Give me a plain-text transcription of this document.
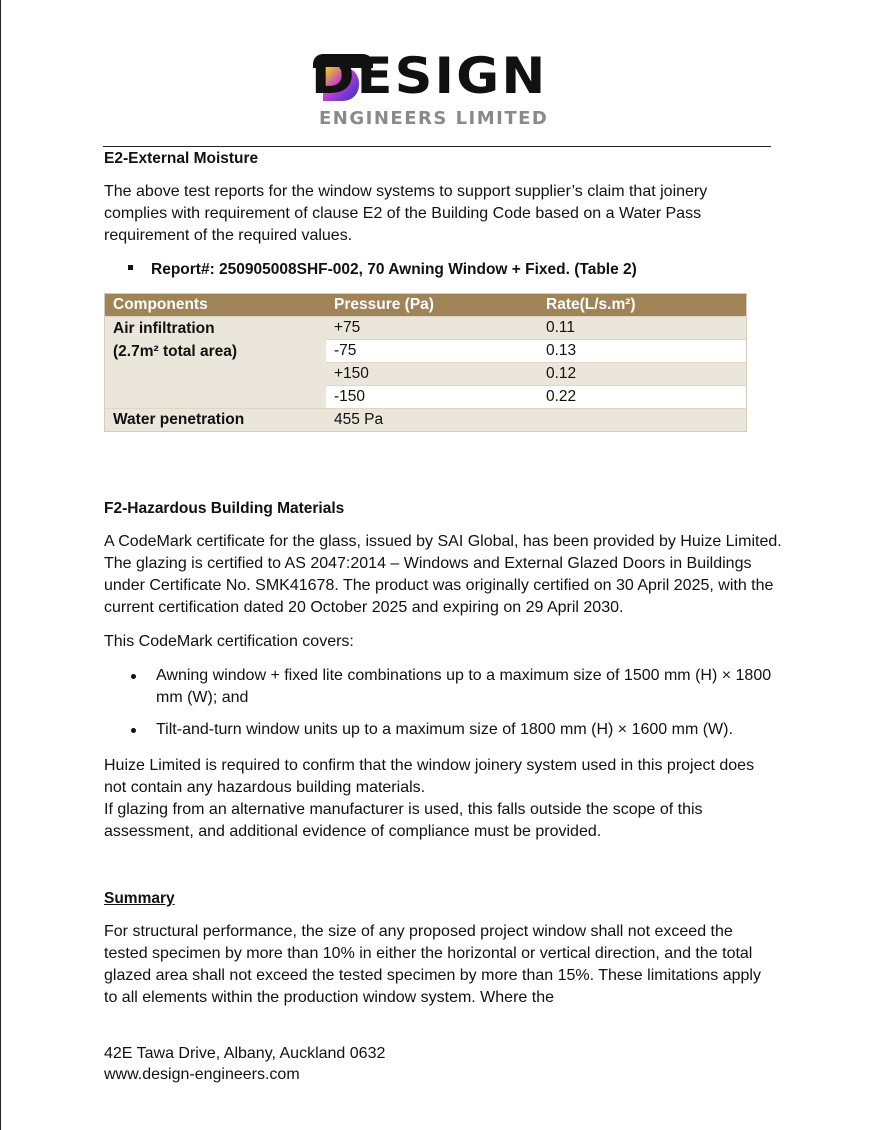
DESIGN
ENGINEERS LIMITED
E2-External Moisture

The above test reports for the window systems to support supplier’s claim that joinery complies with requirement of clause E2 of the Building Code based on a Water Pass requirement of the required values.

Report#: 250905008SHF-002, 70 Awning Window + Fixed. (Table 2)
Components	Pressure (Pa)	Rate(L/s.m²)

Air infiltration
(2.7m² total area)	+75	0.11
	-75	0.13
	+150	0.12
	-150	0.22
Water penetration	455 Pa	
F2-Hazardous Building Materials

A CodeMark certificate for the glass, issued by SAI Global, has been provided by Huize Limited. The glazing is certified to AS 2047:2014 – Windows and External Glazed Doors in Buildings under Certificate No. SMK41678. The product was originally certified on 30 April 2025, with the current certification dated 20 October 2025 and expiring on 29 April 2030.

This CodeMark certification covers:

Awning window + fixed lite combinations up to a maximum size of 1500 mm (H) × 1800 mm (W); and
Tilt-and-turn window units up to a maximum size of 1800 mm (H) × 1600 mm (W).

Huize Limited is required to confirm that the window joinery system used in this project does not contain any hazardous building materials.

If glazing from an alternative manufacturer is used, this falls outside the scope of this assessment, and additional evidence of compliance must be provided.

Summary

For structural performance, the size of any proposed project window shall not exceed the tested specimen by more than 10% in either the horizontal or vertical direction, and the total glazed area shall not exceed the tested specimen by more than 15%. These limitations apply to all elements within the production window system. Where the

42E Tawa Drive, Albany, Auckland 0632
www.design-engineers.com
